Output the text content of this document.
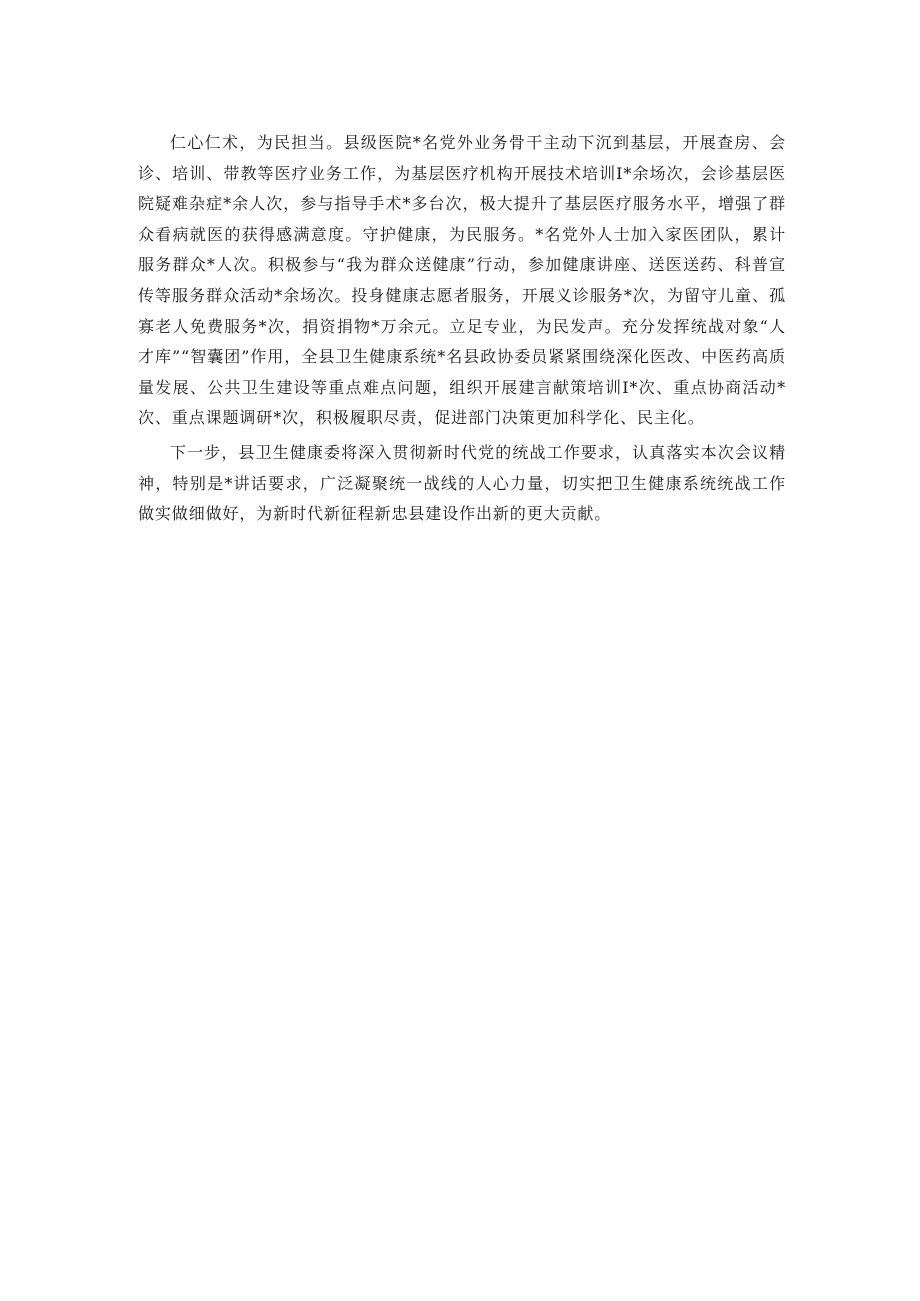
仁心仁术，为民担当。县级医院*名党外业务骨干主动下沉到基层，开展查房、会诊、培训、带教等医疗业务工作，为基层医疗机构开展技术培训I*余场次，会诊基层医院疑难杂症*余人次，参与指导手术*多台次，极大提升了基层医疗服务水平，增强了群众看病就医的获得感满意度。守护健康，为民服务。*名党外人士加入家医团队，累计服务群众*人次。积极参与“我为群众送健康”行动，参加健康讲座、送医送药、科普宣传等服务群众活动*余场次。投身健康志愿者服务，开展义诊服务*次，为留守儿童、孤寡老人免费服务*次，捐资捐物*万余元。立足专业，为民发声。充分发挥统战对象“人才库”“智囊团”作用，全县卫生健康系统*名县政协委员紧紧围绕深化医改、中医药高质量发展、公共卫生建设等重点难点问题，组织开展建言献策培训I*次、重点协商活动*次、重点课题调研*次，积极履职尽责，促进部门决策更加科学化、民主化。

下一步，县卫生健康委将深入贯彻新时代党的统战工作要求，认真落实本次会议精神，特别是*讲话要求，广泛凝聚统一战线的人心力量，切实把卫生健康系统统战工作做实做细做好，为新时代新征程新忠县建设作出新的更大贡献。
